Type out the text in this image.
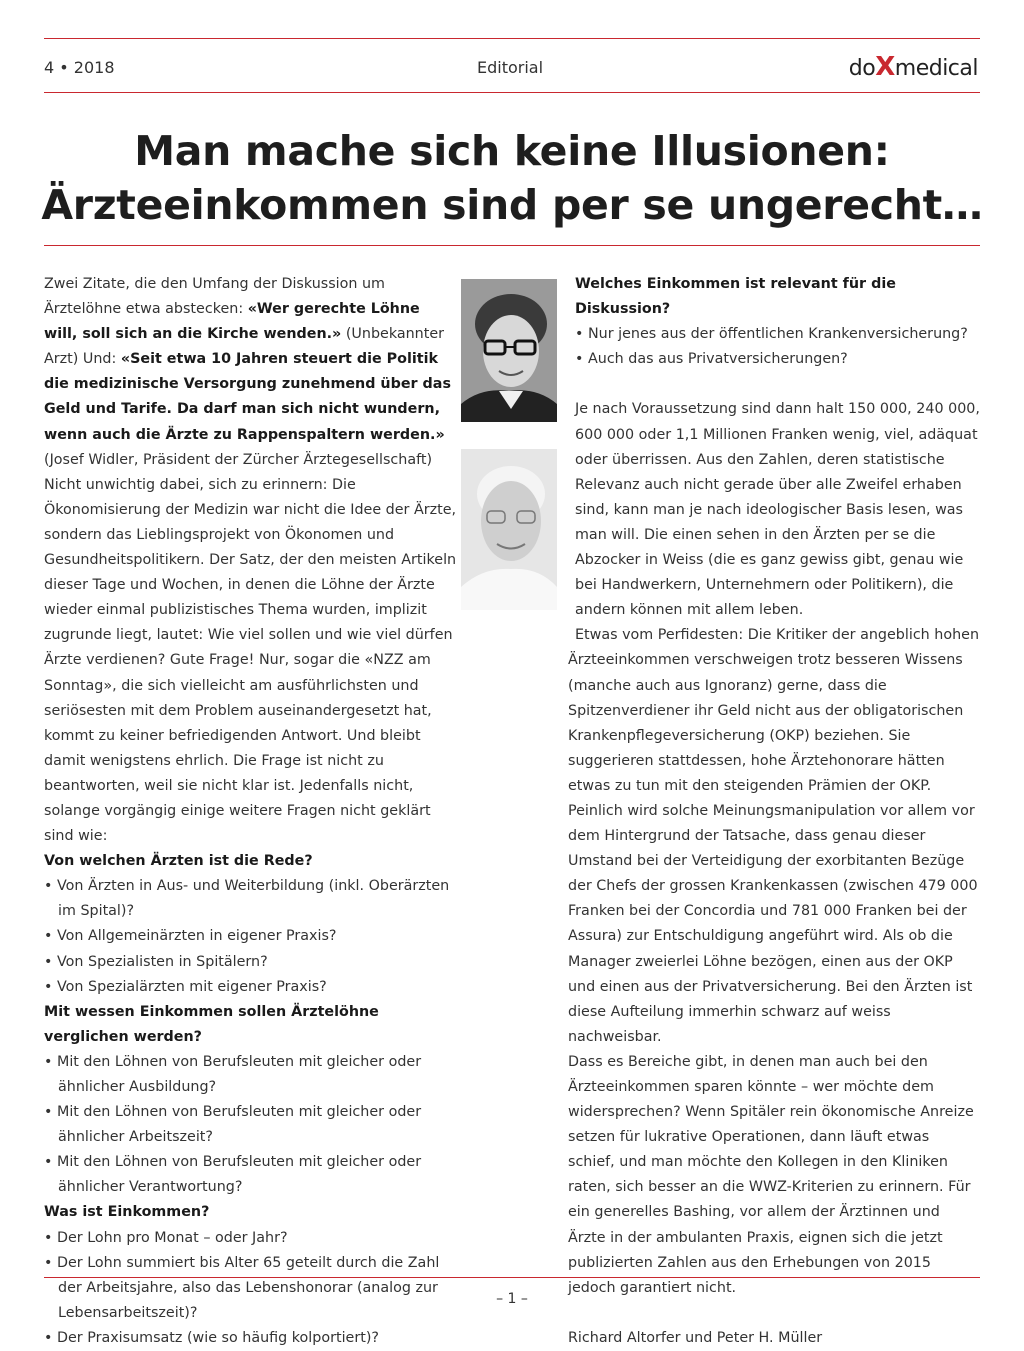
4 • 2018	Editorial	doXmedical
Man mache sich keine Illusionen:
Ärzteeinkommen sind per se ungerecht…

Zwei Zitate, die den Umfang der Diskussion um Ärztelöhne etwa abstecken: «Wer gerechte Löhne will, soll sich an die Kirche wenden.» (Unbekannter Arzt) Und: «Seit etwa 10 Jahren steuert die Politik die medizinische Versorgung zunehmend über das Geld und Tarife. Da darf man sich nicht wundern, wenn auch die Ärzte zu Rappenspaltern werden.» (Josef Widler, Präsident der Zürcher Ärztegesellschaft) Nicht unwichtig dabei, sich zu erinnern: Die Ökonomisierung der Medizin war nicht die Idee der Ärzte, sondern das Lieblingsprojekt von Ökonomen und Gesundheitspolitikern. Der Satz, der den meisten Artikeln dieser Tage und Wochen, in denen die Löhne der Ärzte wieder einmal publizistisches Thema wurden, implizit zugrunde liegt, lautet: Wie viel sollen und wie viel dürfen Ärzte verdienen? Gute Frage! Nur, sogar die «NZZ am Sonntag», die sich vielleicht am ausführlichsten und seriösesten mit dem Problem auseinandergesetzt hat, kommt zu keiner befriedigenden Antwort. Und bleibt damit wenigstens ehrlich. Die Frage ist nicht zu beantworten, weil sie nicht klar ist. Jedenfalls nicht, solange vorgängig einige weitere Fragen nicht geklärt sind wie:

Von welchen Ärzten ist die Rede?

• Von Ärzten in Aus- und Weiterbildung (inkl. Oberärzten im Spital)?

• Von Allgemeinärzten in eigener Praxis?

• Von Spezialisten in Spitälern?

• Von Spezialärzten mit eigener Praxis?

Mit wessen Einkommen sollen Ärztelöhne verglichen werden?

• Mit den Löhnen von Berufsleuten mit gleicher oder ähnlicher Ausbildung?

• Mit den Löhnen von Berufsleuten mit gleicher oder ähnlicher Arbeitszeit?

• Mit den Löhnen von Berufsleuten mit gleicher oder ähnlicher Verantwortung?

Was ist Einkommen?

• Der Lohn pro Monat – oder Jahr?

• Der Lohn summiert bis Alter 65 geteilt durch die Zahl der Arbeitsjahre, also das Lebenshonorar (analog zur Lebensarbeitszeit)?

• Der Praxisumsatz (wie so häufig kolportiert)?

Welches Einkommen ist relevant für die Diskussion?

• Nur jenes aus der öffentlichen Krankenversicherung?

• Auch das aus Privatversicherungen?

Je nach Voraussetzung sind dann halt 150 000, 240 000, 600 000 oder 1,1 Millionen Franken wenig, viel, adäquat oder überrissen. Aus den Zahlen, deren statistische Relevanz auch nicht gerade über alle Zweifel erhaben sind, kann man je nach ideologischer Basis lesen, was man will. Die einen sehen in den Ärzten per se die Abzocker in Weiss (die es ganz gewiss gibt, genau wie bei Handwerkern, Unternehmern oder Politikern), die andern können mit allem leben.

Etwas vom Perfidesten: Die Kritiker der angeblich hohen Ärzteeinkommen verschweigen trotz besseren Wissens (manche auch aus Ignoranz) gerne, dass die Spitzenverdiener ihr Geld nicht aus der obligatorischen Krankenpflegeversicherung (OKP) beziehen. Sie suggerieren stattdessen, hohe Ärztehonorare hätten etwas zu tun mit den steigenden Prämien der OKP. Peinlich wird solche Meinungsmanipulation vor allem vor dem Hintergrund der Tatsache, dass genau dieser Umstand bei der Verteidigung der exorbitanten Bezüge der Chefs der grossen Krankenkassen (zwischen 479 000 Franken bei der Concordia und 781 000 Franken bei der Assura) zur Entschuldigung angeführt wird. Als ob die Manager zweierlei Löhne bezögen, einen aus der OKP und einen aus der Privatversicherung. Bei den Ärzten ist diese Aufteilung immerhin schwarz auf weiss nachweisbar.

Dass es Bereiche gibt, in denen man auch bei den Ärzteeinkommen sparen könnte – wer möchte dem widersprechen? Wenn Spitäler rein ökonomische Anreize setzen für lukrative Operationen, dann läuft etwas schief, und man möchte den Kollegen in den Kliniken raten, sich besser an die WWZ-Kriterien zu erinnern. Für ein generelles Bashing, vor allem der Ärztinnen und Ärzte in der ambulanten Praxis, eignen sich die jetzt publizierten Zahlen aus den Erhebungen von 2015 jedoch garantiert nicht.

Richard Altorfer und Peter H. Müller

– 1 –
